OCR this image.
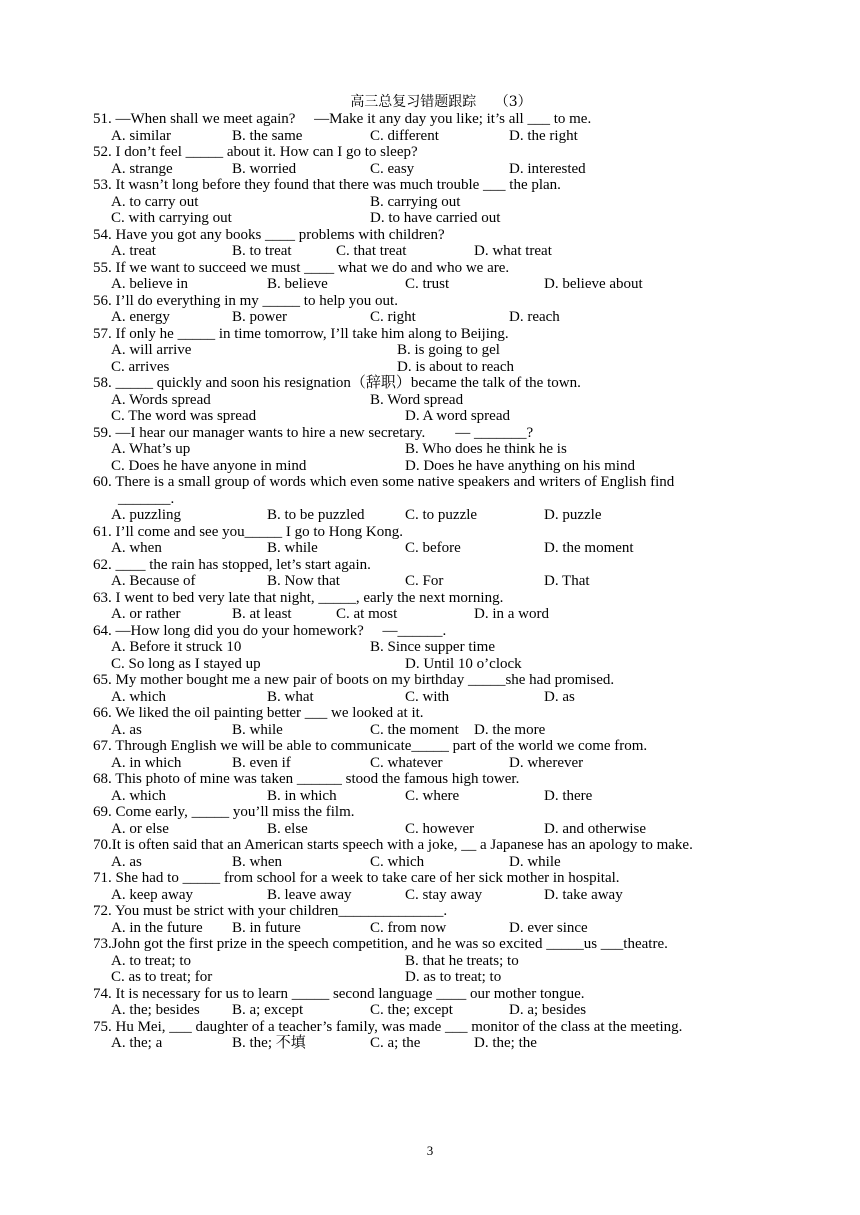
高三总复习错题跟踪　 （3）
51. —When shall we meet again?　 —Make it any day you like; it’s all ___ to me.
A. similar	B. the same	C. different	D. the right
52. I don’t feel _____ about it. How can I go to sleep?
A. strange	B. worried	C. easy	D. interested
53. It wasn’t long before they found that there was much trouble ___ the plan.
A. to carry out	B. carrying out
C. with carrying out	D. to have carried out
54. Have you got any books ____ problems with children?
A. treat	B. to treat	C. that treat	D. what treat
55. If we want to succeed we must ____ what we do and who we are.
A. believe in	B. believe	C. trust	D. believe about
56. I’ll do everything in my _____ to help you out.
A. energy	B. power	C. right	D. reach
57. If only he _____ in time tomorrow, I’ll take him along to Beijing.
A. will arrive	B. is going to gel
C. arrives	D. is about to reach
58. _____ quickly and soon his resignation（辞职）became the talk of the town.
A. Words spread	B. Word spread
C. The word was spread	D. A word spread
59. —I hear our manager wants to hire a new secretary.　　— _______?
A. What’s up	B. Who does he think he is
C. Does he have anyone in mind	D. Does he have anything on his mind
60. There is a small group of words which even some native speakers and writers of English find
_______.
A. puzzling	B. to be puzzled	C. to puzzle	D. puzzle
61. I’ll come and see you_____ I go to Hong Kong.
A. when	B. while	C. before	D. the moment
62. ____ the rain has stopped, let’s start again.
A. Because of	B. Now that	C. For	D. That
63. I went to bed very late that night, _____, early the next morning.
A. or rather	B. at least	C. at most	D. in a word
64. —How long did you do your homework?　 —______.
A. Before it struck 10	B. Since supper time
C. So long as I stayed up	D. Until 10 o’clock
65. My mother bought me a new pair of boots on my birthday _____she had promised.
A. which	B. what	C. with	D. as
66. We liked the oil painting better ___ we looked at it.
A. as	B. while	C. the moment D. the more
67. Through English we will be able to communicate_____ part of the world we come from.
A. in which	B. even if	C. whatever	D. wherever
68. This photo of mine was taken ______ stood the famous high tower.
A. which	B. in which	C. where	D. there
69. Come early, _____ you’ll miss the film.
A. or else	B. else	C. however	D. and otherwise
70.It is often said that an American starts speech with a joke, __ a Japanese has an apology to make.
A. as	B. when	C. which	D. while
71. She had to _____ from school for a week to take care of her sick mother in hospital.
A. keep away	B. leave away	C. stay away	D. take away
72. You must be strict with your children______________.
A. in the future B. in future	C. from now	D. ever since
73.John got the first prize in the speech competition, and he was so excited _____us ___theatre.
A. to treat; to	B. that he treats; to
C. as to treat; for	D. as to treat; to
74. It is necessary for us to learn _____ second language ____ our mother tongue.
A. the; besides B. a; except	C. the; except	D. a; besides
75. Hu Mei, ___ daughter of a teacher’s family, was made ___ monitor of the class at the meeting.
A. the; a	B. the; 不填	C. a; the	D. the; the
3
